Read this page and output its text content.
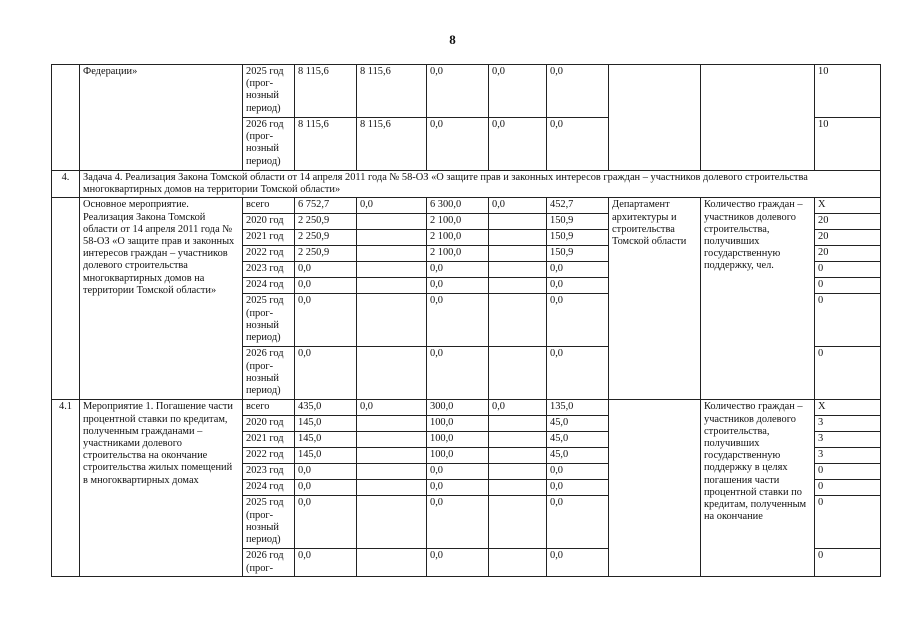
8
	Федерации»	2025 год
(прог-
нозный
период)	8 115,6	8 115,6	0,0	0,0	0,0			10
		2026 год
(прог-
нозный
период)	8 115,6	8 115,6	0,0	0,0	0,0			10
4.	Задача 4. Реализация Закона Томской области от 14 апреля 2011 года № 58-ОЗ «О защите прав и законных интересов граждан – участников долевого строительства многоквартирных домов на территории Томской области»									
	Основное мероприятие. Реализация Закона Томской области от 14 апреля 2011 года № 58-ОЗ «О защите прав и законных интересов граждан – участников долевого строительства многоквартирных домов на территории Томской области»	всего	6 752,7	0,0	6 300,0	0,0	452,7	Департамент архитектуры и строительства Томской области	Количество граждан – участников долевого строительства, получивших государственную поддержку, чел.	Х
		2020 год	2 250,9		2 100,0		150,9			20
		2021 год	2 250,9		2 100,0		150,9			20
		2022 год	2 250,9		2 100,0		150,9			20
		2023 год	0,0		0,0		0,0			0
		2024 год	0,0		0,0		0,0			0
		2025 год
(прог-
нозный
период)	0,0		0,0		0,0			0
		2026 год
(прог-
нозный
период)	0,0		0,0		0,0			0
4.1	Мероприятие 1. Погашение части процентной ставки по кредитам, полученным гражданами – участниками долевого строительства на окончание строительства жилых помещений в многоквартирных домах	всего	435,0	0,0	300,0	0,0	135,0		Количество граждан – участников долевого строительства, получивших государственную поддержку в целях погашения части процентной ставки по кредитам, полученным на окончание	Х
		2020 год	145,0		100,0		45,0			3
		2021 год	145,0		100,0		45,0			3
		2022 год	145,0		100,0		45,0			3
		2023 год	0,0		0,0		0,0			0
		2024 год	0,0		0,0		0,0			0
		2025 год
(прог-
нозный
период)	0,0		0,0		0,0			0
		2026 год
(прог-	0,0		0,0		0,0			0
